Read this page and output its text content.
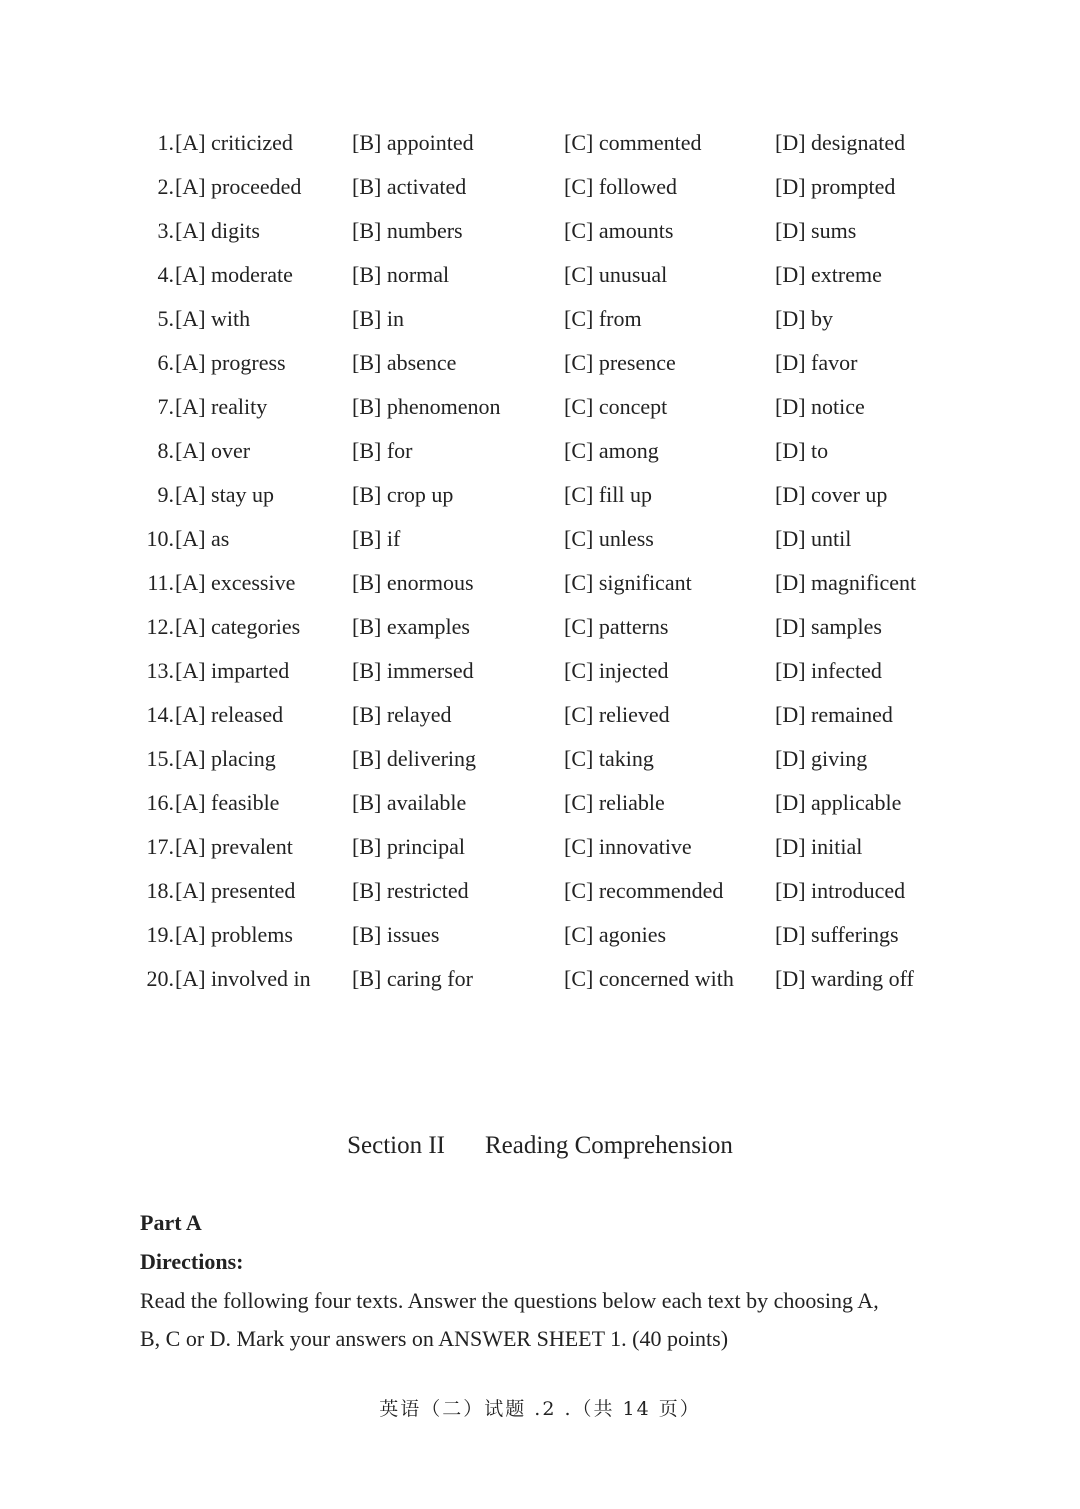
1. [A] criticized	[B] appointed	[C] commented	[D] designated
2. [A] proceeded [B] activated	[C] followed	[D] prompted
3. [A] digits	[B] numbers	[C] amounts	[D] sums
4. [A] moderate	[B] normal	[C] unusual	[D] extreme
5. [A] with	[B] in	[C] from	[D] by
6. [A] progress	[B] absence	[C] presence	[D] favor
7. [A] reality	[B] phenomenon	[C] concept	[D] notice
8. [A] over	[B] for	[C] among	[D] to
9. [A] stay up	[B] crop up	[C] fill up	[D] cover up
10. [A] as	[B] if	[C] unless	[D] until
11. [A] excessive	[B] enormous	[C] significant	[D] magnificent
12. [A] categories [B] examples	[C] patterns	[D] samples
13. [A] imparted	[B] immersed	[C] injected	[D] infected
14. [A] released	[B] relayed	[C] relieved	[D] remained
15. [A] placing	[B] delivering	[C] taking	[D] giving
16. [A] feasible	[B] available	[C] reliable	[D] applicable
17. [A] prevalent	[B] principal	[C] innovative	[D] initial
18. [A] presented	[B] restricted	[C] recommended [D] introduced
19. [A] problems	[B] issues	[C] agonies	[D] sufferings
20. [A] involved in [B] caring for	[C] concerned with [D] warding off
Section II Reading Comprehension
Part A
Directions:
Read the following four texts. Answer the questions below each text by choosing A,
B, C or D. Mark your answers on ANSWER SHEET 1. (40 points)
英语（二）试题 .2 .（共 14 页）
